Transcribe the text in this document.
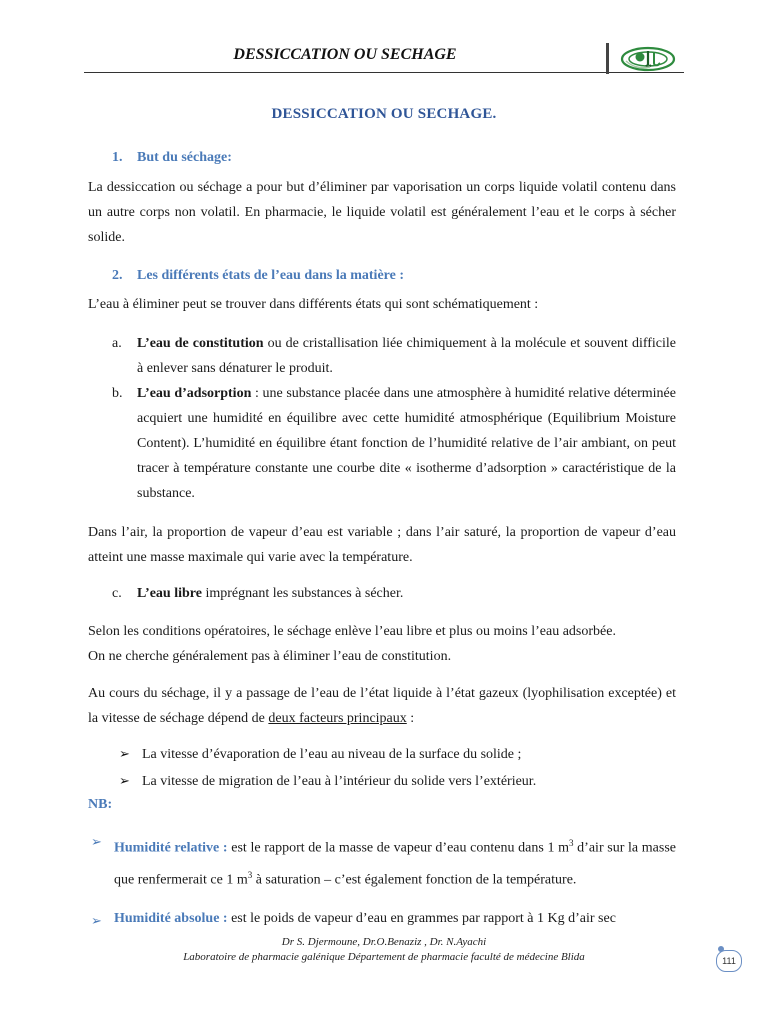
DESSICCATION OU SECHAGE
DESSICCATION OU SECHAGE.
1. But du séchage:
La dessiccation ou séchage a pour but d’éliminer par vaporisation un corps liquide volatil contenu dans un autre corps non volatil. En pharmacie, le liquide volatil est généralement l’eau et le corps à sécher solide.
2. Les différents états de l’eau dans la matière :
L’eau à éliminer peut se trouver dans différents états qui sont schématiquement :
a. L’eau de constitution ou de cristallisation liée chimiquement à la molécule et souvent difficile à enlever sans dénaturer le produit.
b. L’eau d’adsorption : une substance placée dans une atmosphère à humidité relative déterminée acquiert une humidité en équilibre avec cette humidité atmosphérique (Equilibrium Moisture Content). L’humidité en équilibre étant fonction de l’humidité relative de l’air ambiant, on peut tracer à température constante une courbe dite « isotherme d’adsorption » caractéristique de la substance.
Dans l’air, la proportion de vapeur d’eau est variable ; dans l’air saturé, la proportion de vapeur d’eau atteint une masse maximale qui varie avec la température.
c. L’eau libre imprégnant les substances à sécher.
Selon les conditions opératoires, le séchage enlève l’eau libre et plus ou moins l’eau adsorbée.
On ne cherche généralement pas à éliminer l’eau de constitution.
Au cours du séchage, il y a passage de l’eau de l’état liquide à l’état gazeux (lyophilisation exceptée) et la vitesse de séchage dépend de deux facteurs principaux :
➢ La vitesse d’évaporation de l’eau au niveau de la surface du solide ;
➢ La vitesse de migration de l’eau à l’intérieur du solide vers l’extérieur.
NB:
➢ Humidité relative : est le rapport de la masse de vapeur d’eau contenu dans 1 $m^3$ d’air sur la masse que renfermerait ce 1 $m^3$ à saturation – c’est également fonction de la température.
➢ Humidité absolue : est le poids de vapeur d’eau en grammes par rapport à 1 Kg d’air sec
Dr S. Djermoune, Dr.O.Benaziz , Dr. N.Ayachi
Laboratoire de pharmacie galénique Département de pharmacie faculté de médecine Blida	111
